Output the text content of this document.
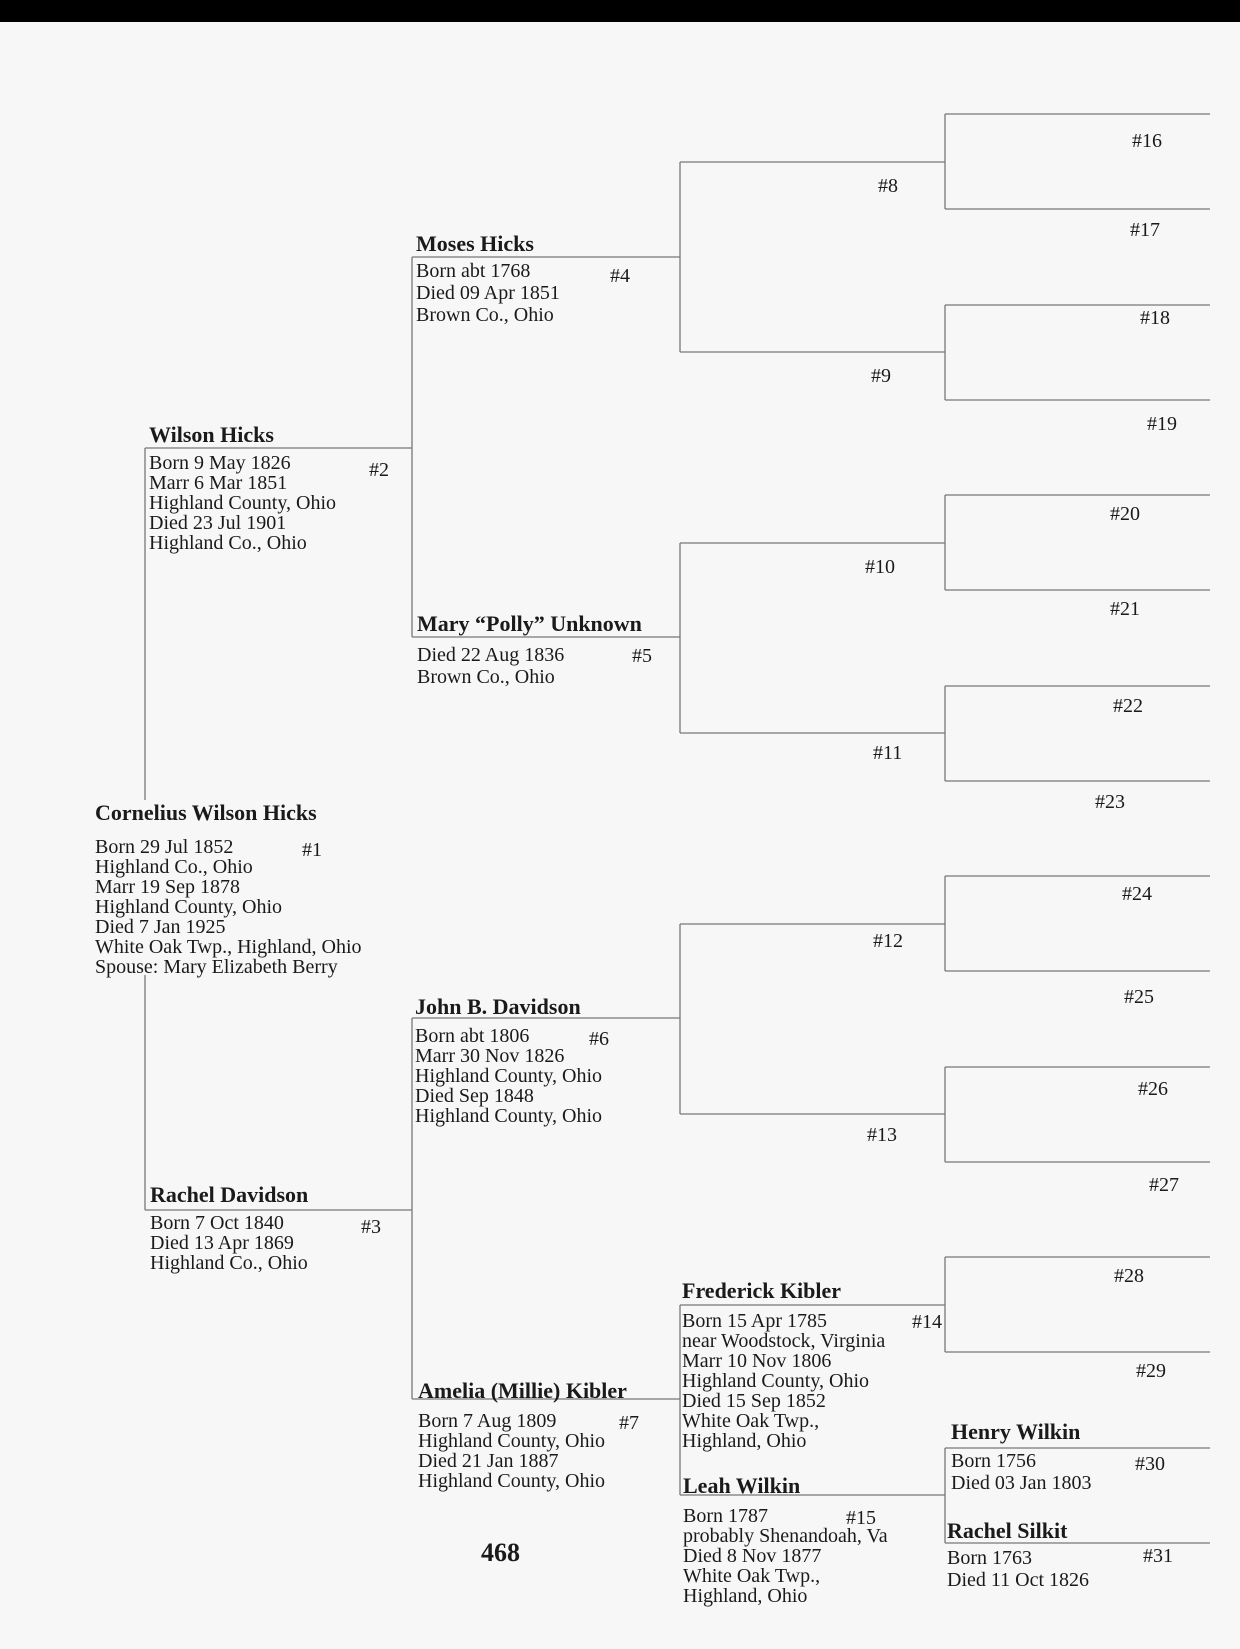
Cornelius Wilson Hicks
Born 29 Jul 1852
Highland Co., Ohio
Marr 19 Sep 1878
Highland County, Ohio
Died 7 Jan 1925
White Oak Twp., Highland, Ohio
Spouse: Mary Elizabeth Berry
#1
Wilson Hicks
Born 9 May 1826
Marr 6 Mar 1851
Highland County, Ohio
Died 23 Jul 1901
Highland Co., Ohio
#2
Rachel Davidson
Born 7 Oct 1840
Died 13 Apr 1869
Highland Co., Ohio
#3
Moses Hicks
Born abt 1768
Died 09 Apr 1851
Brown Co., Ohio
#4
Mary “Polly” Unknown
Died 22 Aug 1836
Brown Co., Ohio
#5
John B. Davidson
Born abt 1806
Marr 30 Nov 1826
Highland County, Ohio
Died Sep 1848
Highland County, Ohio
#6
Amelia (Millie) Kibler
Born 7 Aug 1809
Highland County, Ohio
Died 21 Jan 1887
Highland County, Ohio
#7
Frederick Kibler
Born 15 Apr 1785
near Woodstock, Virginia
Marr 10 Nov 1806
Highland County, Ohio
Died 15 Sep 1852
White Oak Twp.,
Highland, Ohio
#14
Leah Wilkin
Born 1787
probably Shenandoah, Va
Died 8 Nov 1877
White Oak Twp.,
Highland, Ohio
#15
Henry Wilkin
Born 1756
Died 03 Jan 1803
#30
Rachel Silkit
Born 1763
Died 11 Oct 1826
#31
#8
#9
#10
#11
#12
#13
#16
#17
#18
#19
#20
#21
#22
#23
#24
#25
#26
#27
#28
#29
468
